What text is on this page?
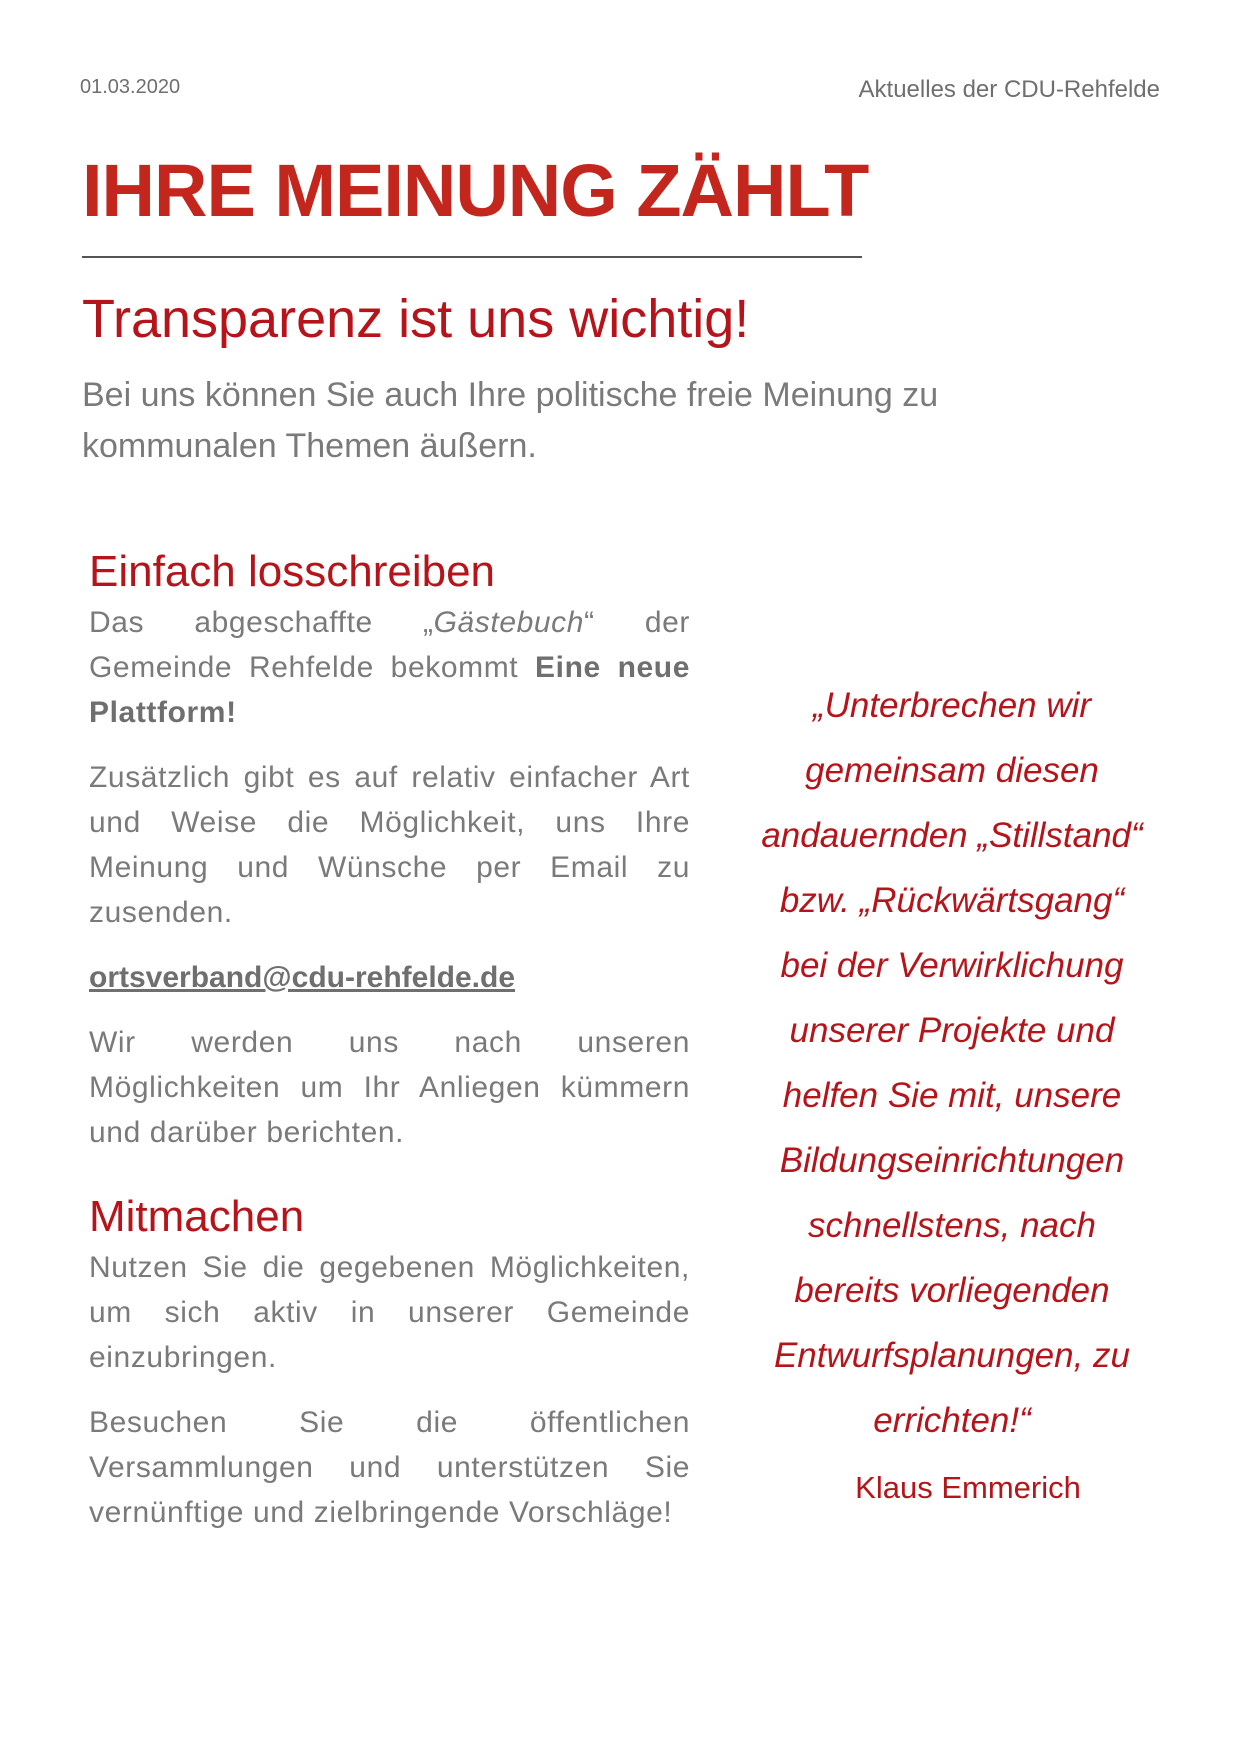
01.03.2020	Aktuelles der CDU-Rehfelde
IHRE MEINUNG ZÄHLT
Transparenz ist uns wichtig!

Bei uns können Sie auch Ihre politische freie Meinung zu kommunalen Themen äußern.

Einfach losschreiben

Das abgeschaffte „Gästebuch“ der Gemeinde Rehfelde bekommt Eine neue Plattform!

Zusätzlich gibt es auf relativ einfacher Art und Weise die Möglichkeit, uns Ihre Meinung und Wünsche per Email zu zusenden.

ortsverband@cdu-rehfelde.de

Wir werden uns nach unseren Möglichkeiten um Ihr Anliegen kümmern und darüber berichten.

Mitmachen

Nutzen Sie die gegebenen Möglichkeiten, um sich aktiv in unserer Gemeinde einzubringen.

Besuchen Sie die öffentlichen Versammlungen und unterstützen Sie vernünftige und zielbringende Vorschläge!

„Unterbrechen wir
gemeinsam diesen
andauernden „Stillstand“
bzw. „Rückwärtsgang“
bei der Verwirklichung
unserer Projekte und
helfen Sie mit, unsere
Bildungseinrichtungen
schnellstens, nach
bereits vorliegenden
Entwurfsplanungen, zu
errichten!“
Klaus Emmerich
